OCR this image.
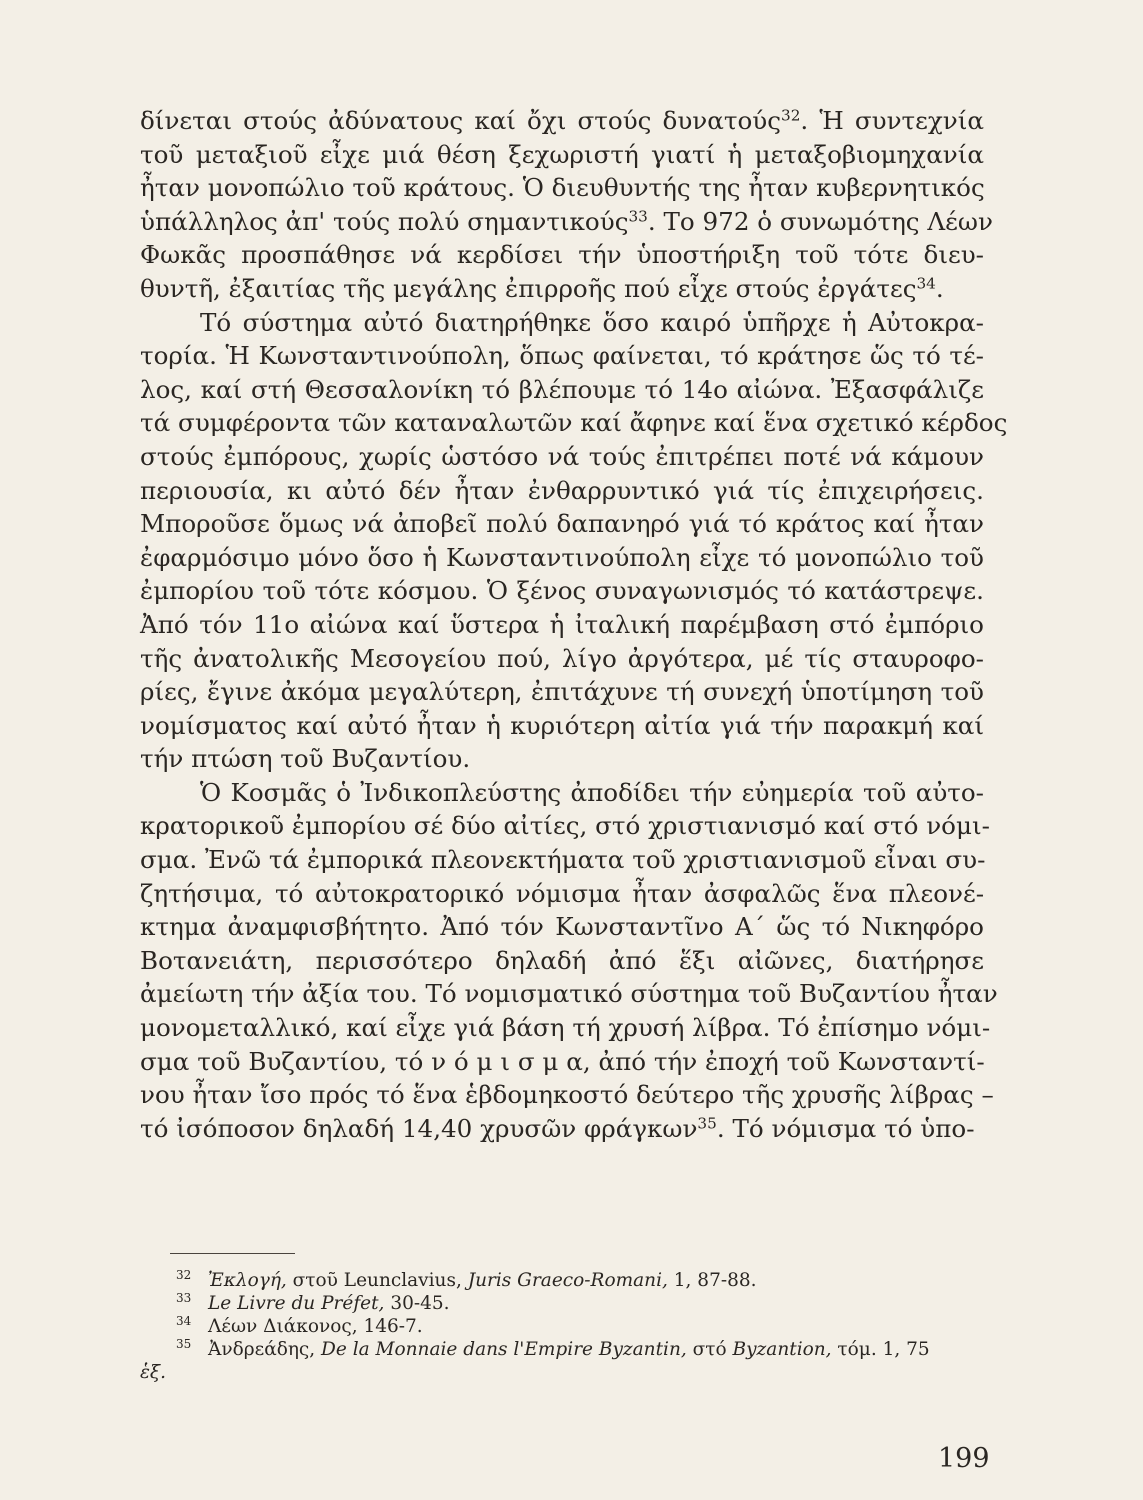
δίνεται στούς ἀδύνατους καί ὄχι στούς δυνατούς$^{32}$. Ἡ συντεχνία
τοῦ μεταξιοῦ εἶχε μιά θέση ξεχωριστή γιατί ἡ μεταξοβιομηχανία
ἦταν μονοπώλιο τοῦ κράτους. Ὁ διευθυντής της ἦταν κυβερνητικός
ὑπάλληλος ἀπ' τούς πολύ σημαντικούς$^{33}$. Το 972 ὁ συνωμότης Λέων
Φωκᾶς προσπάθησε νά κερδίσει τήν ὑποστήριξη τοῦ τότε διευ-
θυντῆ, ἐξαιτίας τῆς μεγάλης ἐπιρροῆς πού εἶχε στούς ἐργάτες$^{34}$.
Τό σύστημα αὐτό διατηρήθηκε ὅσο καιρό ὑπῆρχε ἡ Αὐτοκρα-
τορία. Ἡ Κωνσταντινούπολη, ὅπως φαίνεται, τό κράτησε ὥς τό τέ-
λος, καί στή Θεσσαλονίκη τό βλέπουμε τό 14ο αἰώνα. Ἐξασφάλιζε
τά συμφέροντα τῶν καταναλωτῶν καί ἄφηνε καί ἕνα σχετικό κέρδος
στούς ἐμπόρους, χωρίς ὡστόσο νά τούς ἐπιτρέπει ποτέ νά κάμουν
περιουσία, κι αὐτό δέν ἦταν ἐνθαρρυντικό γιά τίς ἐπιχειρήσεις.
Μποροῦσε ὅμως νά ἀποβεῖ πολύ δαπανηρό γιά τό κράτος καί ἦταν
ἐφαρμόσιμο μόνο ὅσο ἡ Κωνσταντινούπολη εἶχε τό μονοπώλιο τοῦ
ἐμπορίου τοῦ τότε κόσμου. Ὁ ξένος συναγωνισμός τό κατάστρεψε.
Ἀπό τόν 11ο αἰώνα καί ὕστερα ἡ ἰταλική παρέμβαση στό ἐμπόριο
τῆς ἀνατολικῆς Μεσογείου πού, λίγο ἀργότερα, μέ τίς σταυροφο-
ρίες, ἔγινε ἀκόμα μεγαλύτερη, ἐπιτάχυνε τή συνεχή ὑποτίμηση τοῦ
νομίσματος καί αὐτό ἦταν ἡ κυριότερη αἰτία γιά τήν παρακμή καί
τήν πτώση τοῦ Βυζαντίου.
Ὁ Κοσμᾶς ὁ Ἰνδικοπλεύστης ἀποδίδει τήν εὐημερία τοῦ αὐτο-
κρατορικοῦ ἐμπορίου σέ δύο αἰτίες, στό χριστιανισμό καί στό νόμι-
σμα. Ἐνῶ τά ἐμπορικά πλεονεκτήματα τοῦ χριστιανισμοῦ εἶναι συ-
ζητήσιμα, τό αὐτοκρατορικό νόμισμα ἦταν ἀσφαλῶς ἕνα πλεονέ-
κτημα ἀναμφισβήτητο. Ἀπό τόν Κωνσταντῖνο Α΄ ὥς τό Νικηφόρο
Βοτανειάτη, περισσότερο δηλαδή ἀπό ἕξι αἰῶνες, διατήρησε
ἀμείωτη τήν ἀξία του. Τό νομισματικό σύστημα τοῦ Βυζαντίου ἦταν
μονομεταλλικό, καί εἶχε γιά βάση τή χρυσή λίβρα. Τό ἐπίσημο νόμι-
σμα τοῦ Βυζαντίου, τό ν ό μ ι σ μ α, ἀπό τήν ἐποχή τοῦ Κωνσταντί-
νου ἦταν ἴσο πρός τό ἕνα ἑβδομηκοστό δεύτερο τῆς χρυσῆς λίβρας –
τό ἰσόποσον δηλαδή 14,40 χρυσῶν φράγκων$^{35}$. Τό νόμισμα τό ὑπο-
32 Ἐκλογή, στοῦ Leunclavius, Juris Graeco-Romani, 1, 87-88.
33 Le Livre du Préfet, 30-45.
34 Λέων Διάκονος, 146-7.
35 Ἀνδρεάδης, De la Monnaie dans l'Empire Byzantin, στό Byzantion, τόμ. 1, 75
ἑξ.
199
